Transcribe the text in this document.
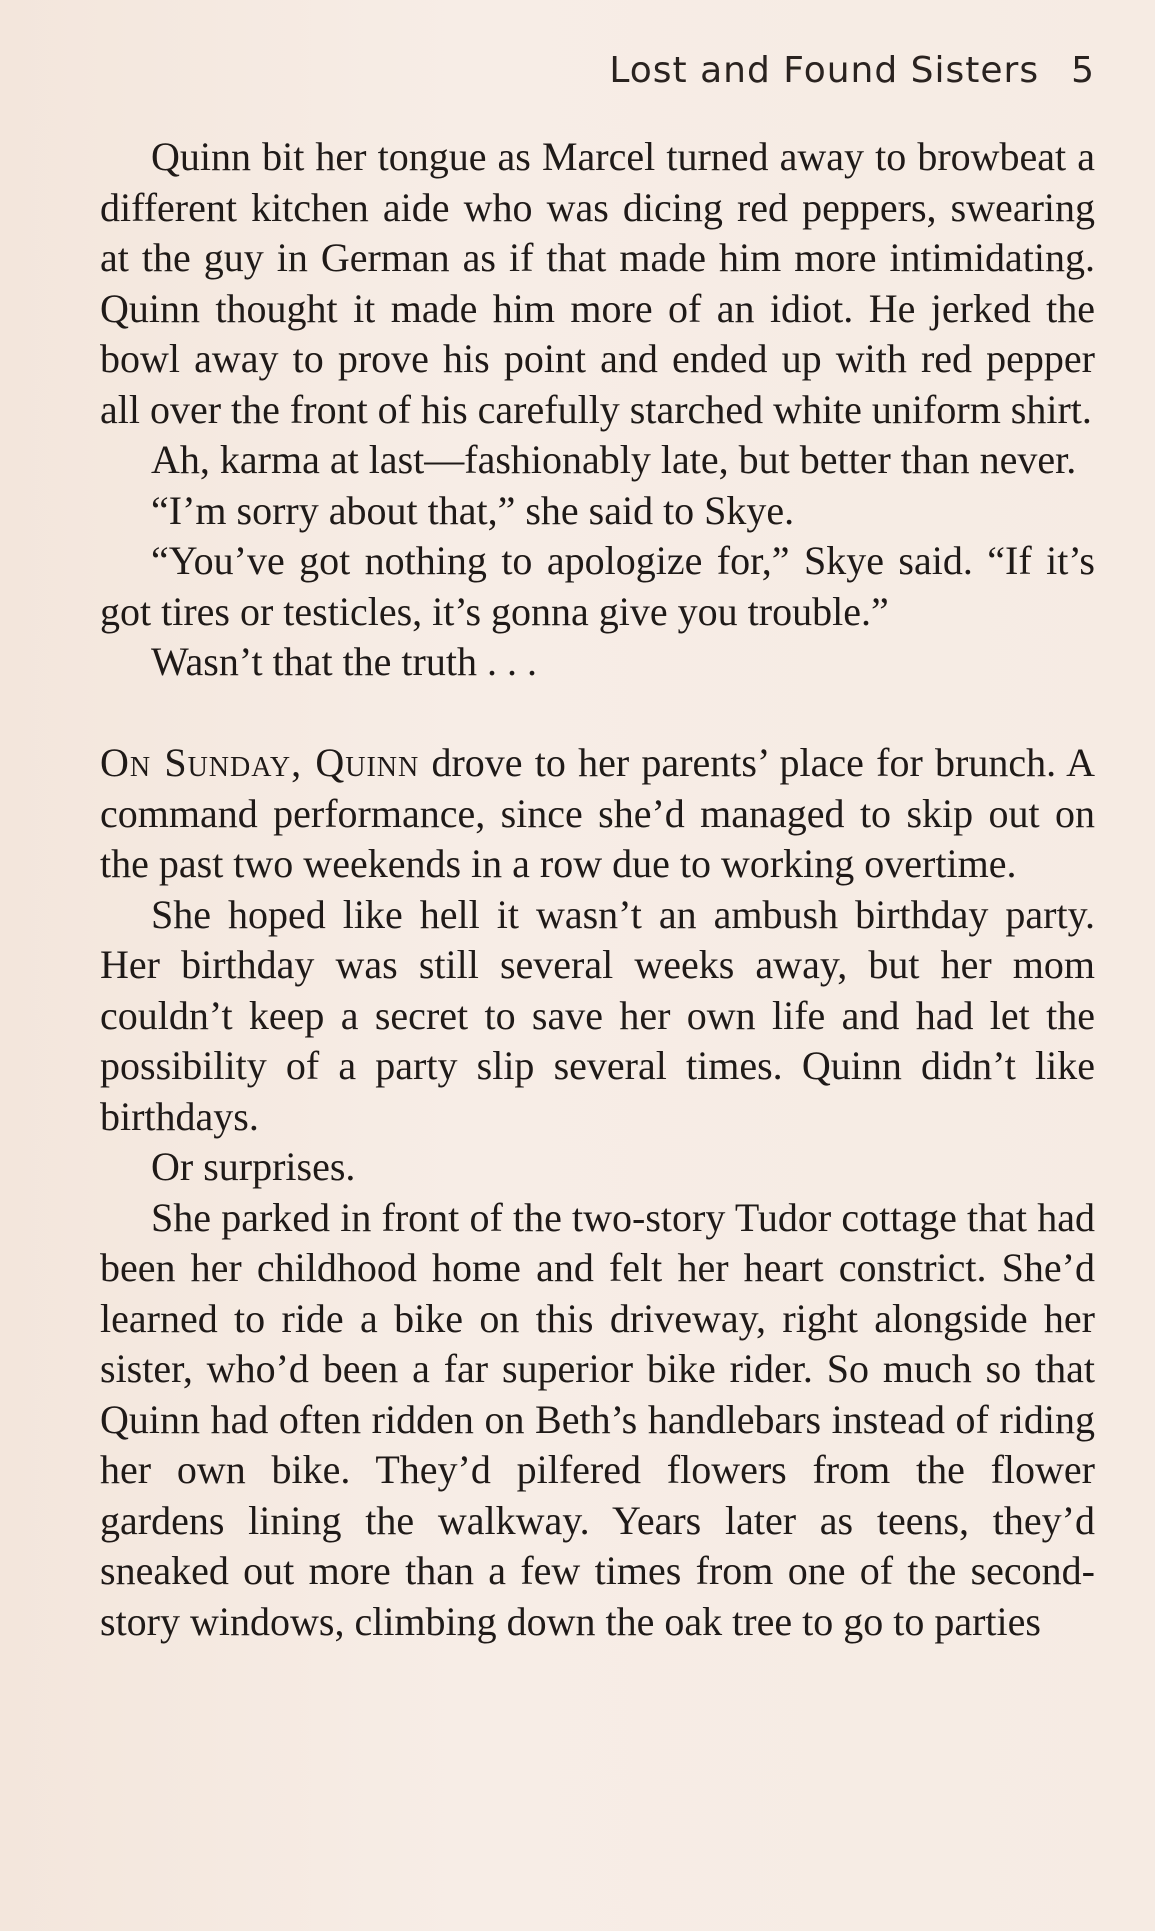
Lost and Found Sisters 5

Quinn bit her tongue as Marcel turned away to browbeat a different kitchen aide who was dicing red peppers, swearing at the guy in German as if that made him more intimidating. Quinn thought it made him more of an idiot. He jerked the bowl away to prove his point and ended up with red pepper all over the front of his carefully starched white uniform shirt.

Ah, karma at last—fashionably late, but better than never.

“I’m sorry about that,” she said to Skye.

“You’ve got nothing to apologize for,” Skye said. “If it’s got tires or testicles, it’s gonna give you trouble.”

Wasn’t that the truth . . .

On Sunday, Quinn drove to her parents’ place for brunch. A command performance, since she’d managed to skip out on the past two weekends in a row due to working overtime.

She hoped like hell it wasn’t an ambush birthday party. Her birthday was still several weeks away, but her mom couldn’t keep a secret to save her own life and had let the possibility of a party slip several times. Quinn didn’t like birthdays.

Or surprises.

She parked in front of the two-story Tudor cottage that had been her childhood home and felt her heart constrict. She’d learned to ride a bike on this driveway, right alongside her sister, who’d been a far superior bike rider. So much so that Quinn had often ridden on Beth’s handlebars instead of riding her own bike. They’d pilfered flowers from the flower gardens lining the walkway. Years later as teens, they’d sneaked out more than a few times from one of the second-story windows, climbing down the oak tree to go to parties
